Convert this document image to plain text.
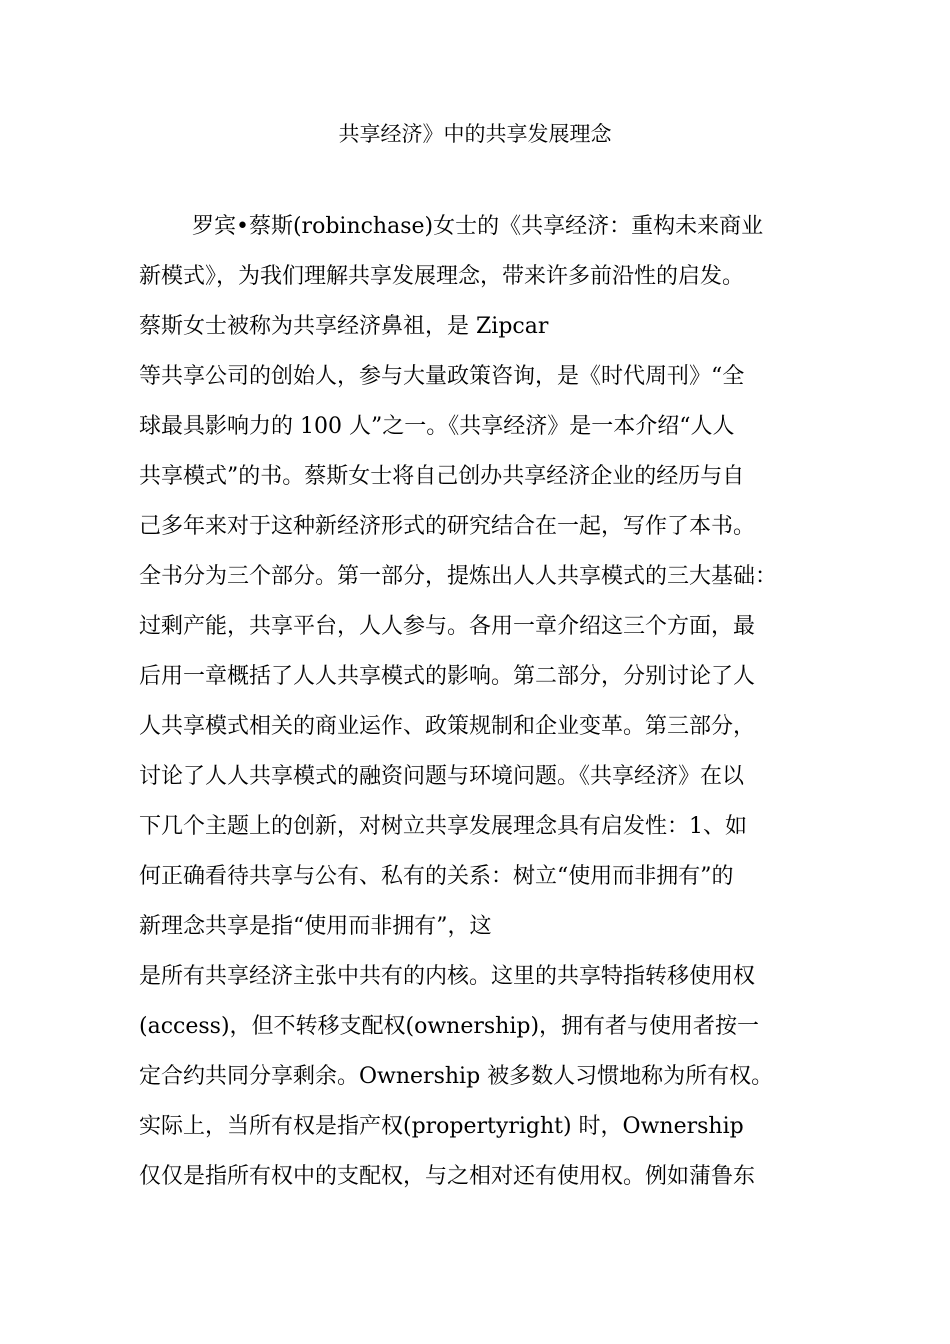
共享经济》中的共享发展理念
罗宾•蔡斯(robinchase)女士的《共享经济：重构未来商业
新模式》，为我们理解共享发展理念，带来许多前沿性的启发。
蔡斯女士被称为共享经济鼻祖，是 Zipcar
等共享公司的创始人，参与大量政策咨询，是《时代周刊》“全
球最具影响力的 100 人”之一。《共享经济》是一本介绍“人人
共享模式”的书。蔡斯女士将自己创办共享经济企业的经历与自
己多年来对于这种新经济形式的研究结合在一起，写作了本书。
全书分为三个部分。第一部分，提炼出人人共享模式的三大基础：
过剩产能，共享平台，人人参与。各用一章介绍这三个方面，最
后用一章概括了人人共享模式的影响。第二部分，分别讨论了人
人共享模式相关的商业运作、政策规制和企业变革。第三部分，
讨论了人人共享模式的融资问题与环境问题。《共享经济》在以
下几个主题上的创新，对树立共享发展理念具有启发性：1、如
何正确看待共享与公有、私有的关系：树立“使用而非拥有”的
新理念共享是指“使用而非拥有”，这
是所有共享经济主张中共有的内核。这里的共享特指转移使用权
(access)，但不转移支配权(ownership)，拥有者与使用者按一
定合约共同分享剩余。Ownership 被多数人习惯地称为所有权。
实际上，当所有权是指产权(propertyright) 时，Ownership
仅仅是指所有权中的支配权，与之相对还有使用权。例如蒲鲁东
